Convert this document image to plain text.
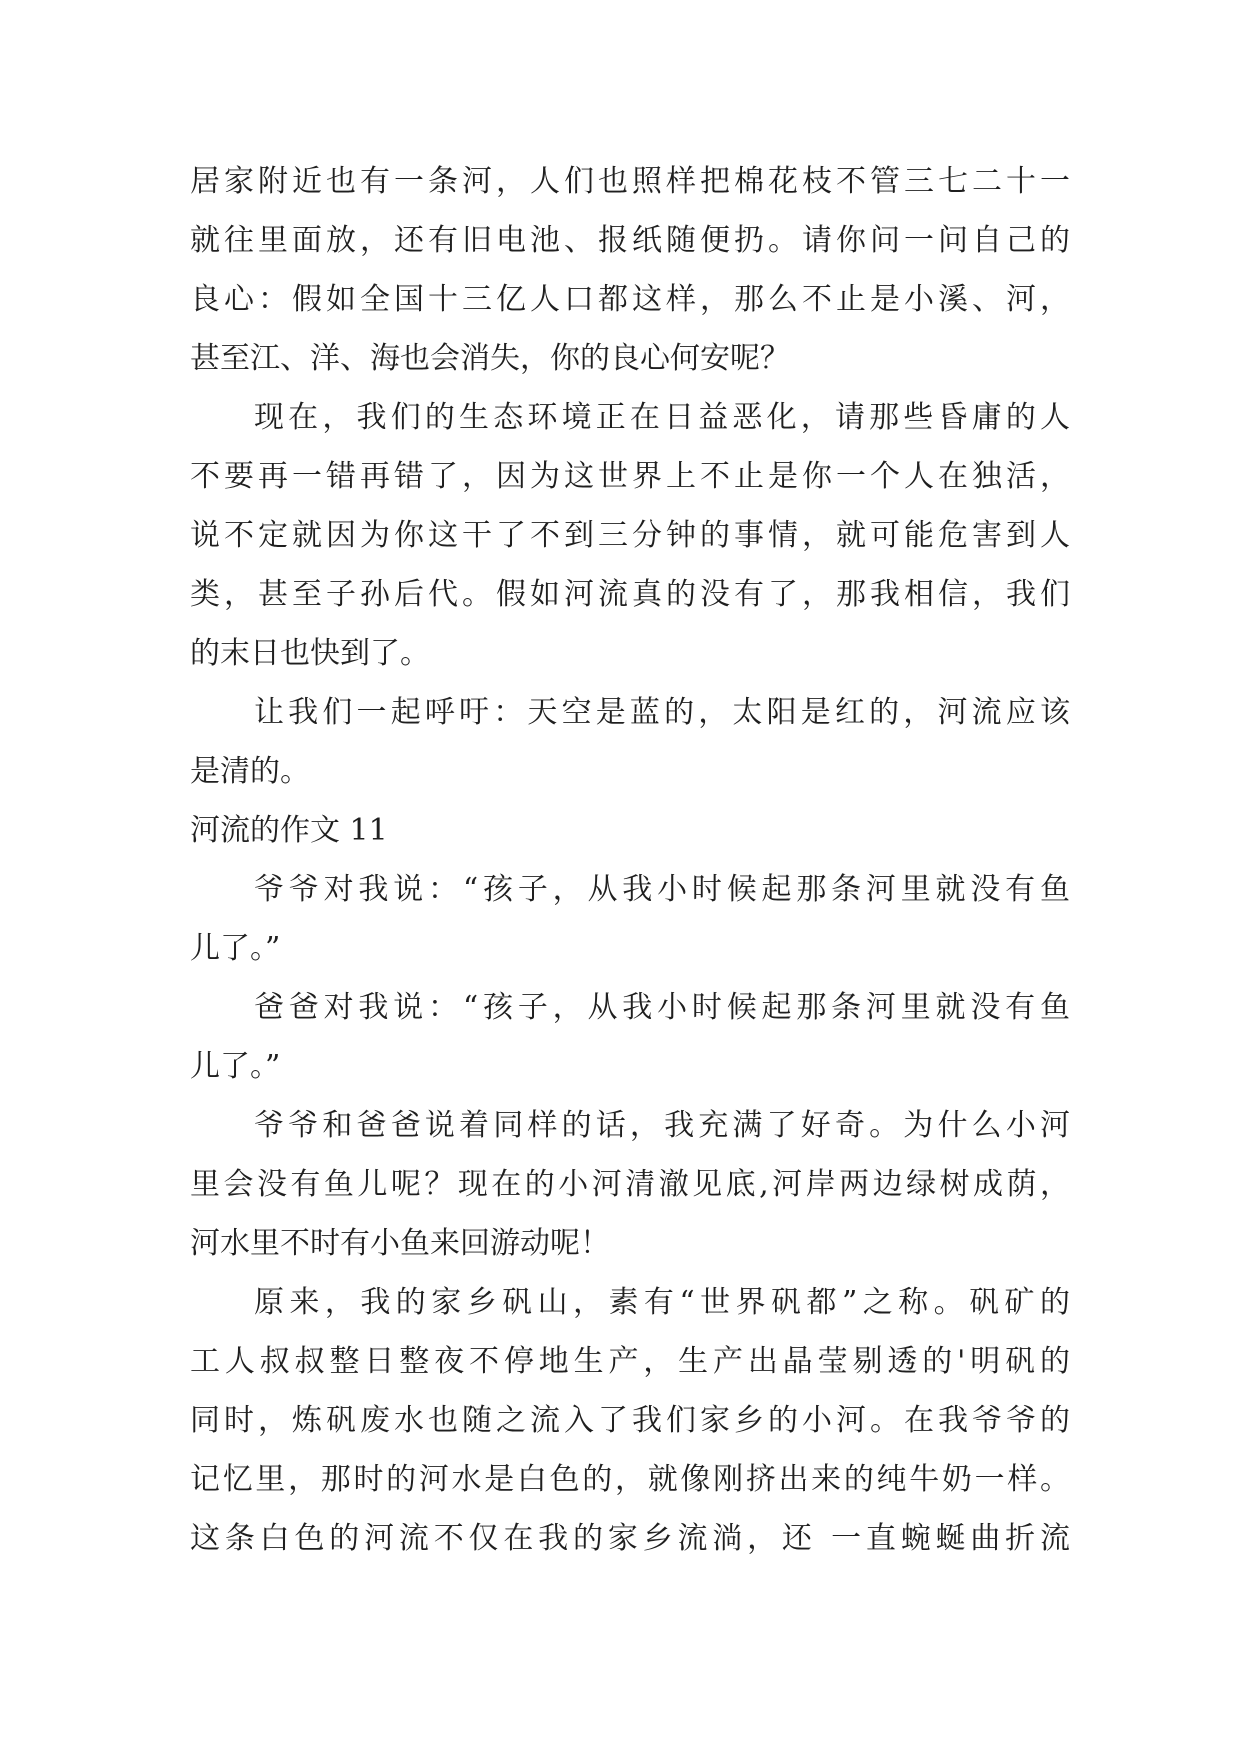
居家附近也有一条河，人们也照样把棉花枝不管三七二十一
就往里面放，还有旧电池、报纸随便扔。请你问一问自己的
良心：假如全国十三亿人口都这样，那么不止是小溪、河，
甚至江、洋、海也会消失，你的良心何安呢？
现在，我们的生态环境正在日益恶化，请那些昏庸的人
不要再一错再错了，因为这世界上不止是你一个人在独活，
说不定就因为你这干了不到三分钟的事情，就可能危害到人
类，甚至子孙后代。假如河流真的没有了，那我相信，我们
的末日也快到了。
让我们一起呼吁：天空是蓝的，太阳是红的，河流应该
是清的。
河流的作文 11
爷爷对我说：“孩子，从我小时候起那条河里就没有鱼
儿了。”
爸爸对我说：“孩子，从我小时候起那条河里就没有鱼
儿了。”
爷爷和爸爸说着同样的话，我充满了好奇。为什么小河
里会没有鱼儿呢？现在的小河清澈见底,河岸两边绿树成荫，
河水里不时有小鱼来回游动呢！
原来，我的家乡矾山，素有“世界矾都”之称。矾矿的
工人叔叔整日整夜不停地生产，生产出晶莹剔透的'明矾的
同时，炼矾废水也随之流入了我们家乡的小河。在我爷爷的
记忆里，那时的河水是白色的，就像刚挤出来的纯牛奶一样。
这条白色的河流不仅在我的家乡流淌，还 一直蜿蜒曲折流
